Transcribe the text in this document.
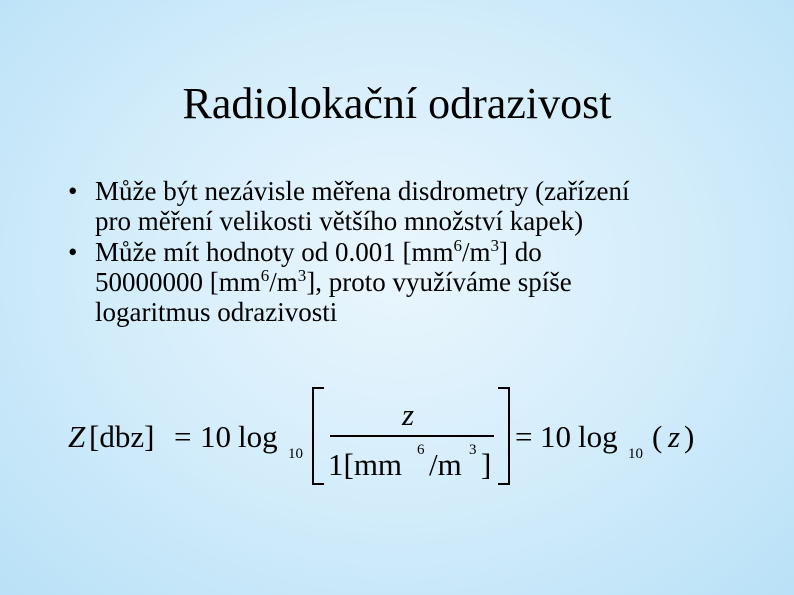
Radiolokační odrazivost
• Může být nezávisle měřena disdrometry (zařízení
pro měření velikosti většího množství kapek)
• Může mít hodnoty od 0.001 $[mm^6/m^3]$ do
50000000 $[mm^6/m^3]$, proto využíváme spíše
logaritmus odrazivosti
Z [dbz] = 10 log 10
z
1[mm 6 /m 3 ]
= 10 log 10 ( z )
